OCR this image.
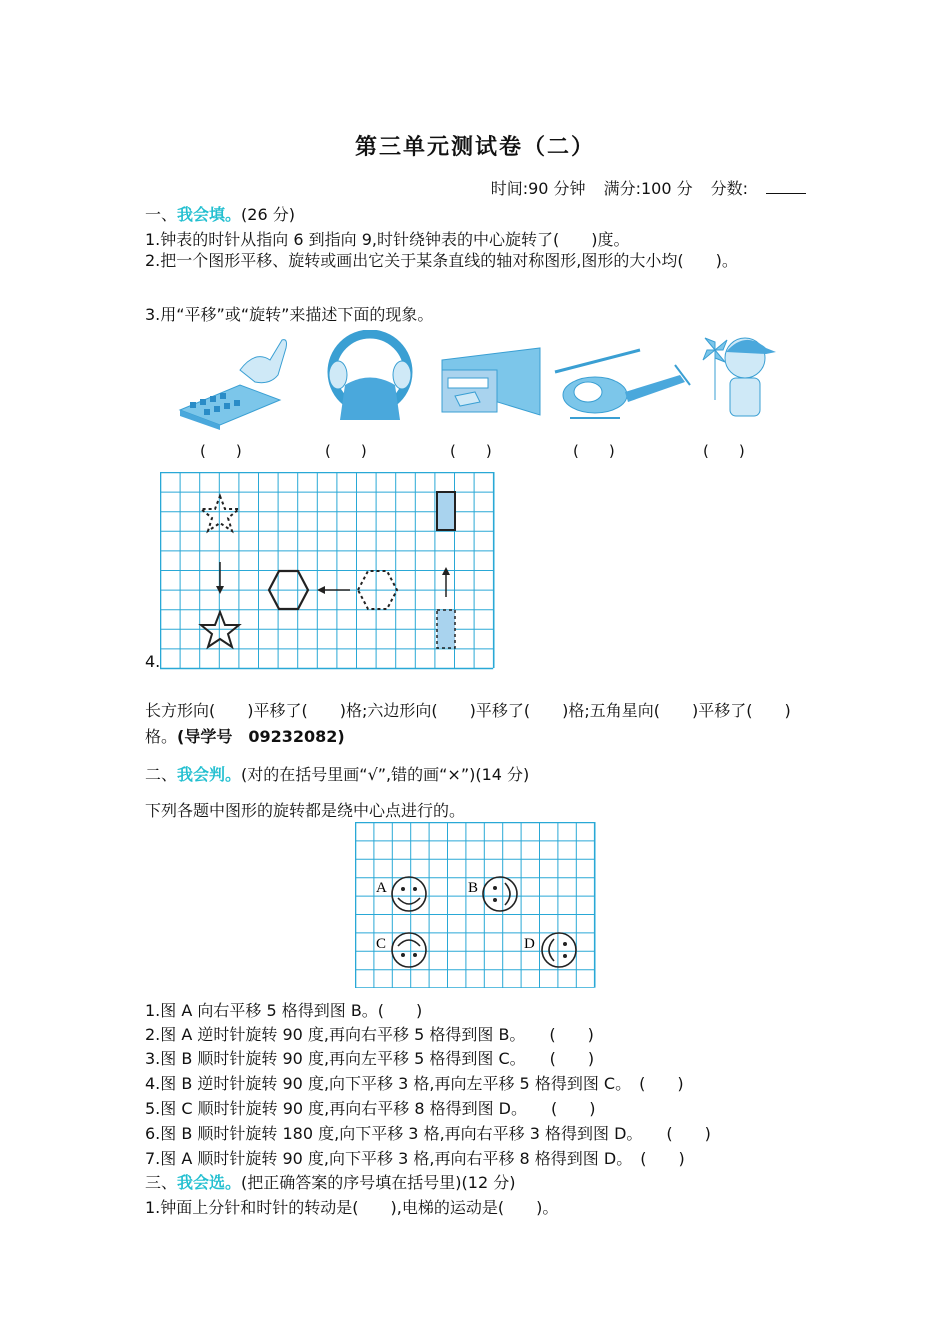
第三单元测试卷（二）
时间:90 分钟 满分:100 分 分数:
一、我会填。(26 分)
1.钟表的时针从指向 6 到指向 9,时针绕钟表的中心旋转了(　　)度。
2.把一个图形平移、旋转或画出它关于某条直线的轴对称图形,图形的大小均(　　)。
3.用“平移”或“旋转”来描述下面的现象。
(　　)	(　　)	(　　)	(　　)	(　　)
4.
长方形向(　　)平移了(　　)格;六边形向(　　)平移了(　　)格;五角星向(　　)平移了(　　)格。(导学号　09232082)
二、我会判。(对的在括号里画“√”,错的画“×”)(14 分)
下列各题中图形的旋转都是绕中心点进行的。
A	B
C	D
1.图 A 向右平移 5 格得到图 B。(　　)
2.图 A 逆时针旋转 90 度,再向右平移 5 格得到图 B。　　(　　)
3.图 B 顺时针旋转 90 度,再向左平移 5 格得到图 C。　　(　　)
4.图 B 逆时针旋转 90 度,向下平移 3 格,再向左平移 5 格得到图 C。　(　　)
5.图 C 顺时针旋转 90 度,再向右平移 8 格得到图 D。　　(　　)
6.图 B 顺时针旋转 180 度,向下平移 3 格,再向右平移 3 格得到图 D。　　(　　)
7.图 A 顺时针旋转 90 度,向下平移 3 格,再向右平移 8 格得到图 D。　(　　)
三、我会选。(把正确答案的序号填在括号里)(12 分)
1.钟面上分针和时针的转动是(　　),电梯的运动是(　　)。
